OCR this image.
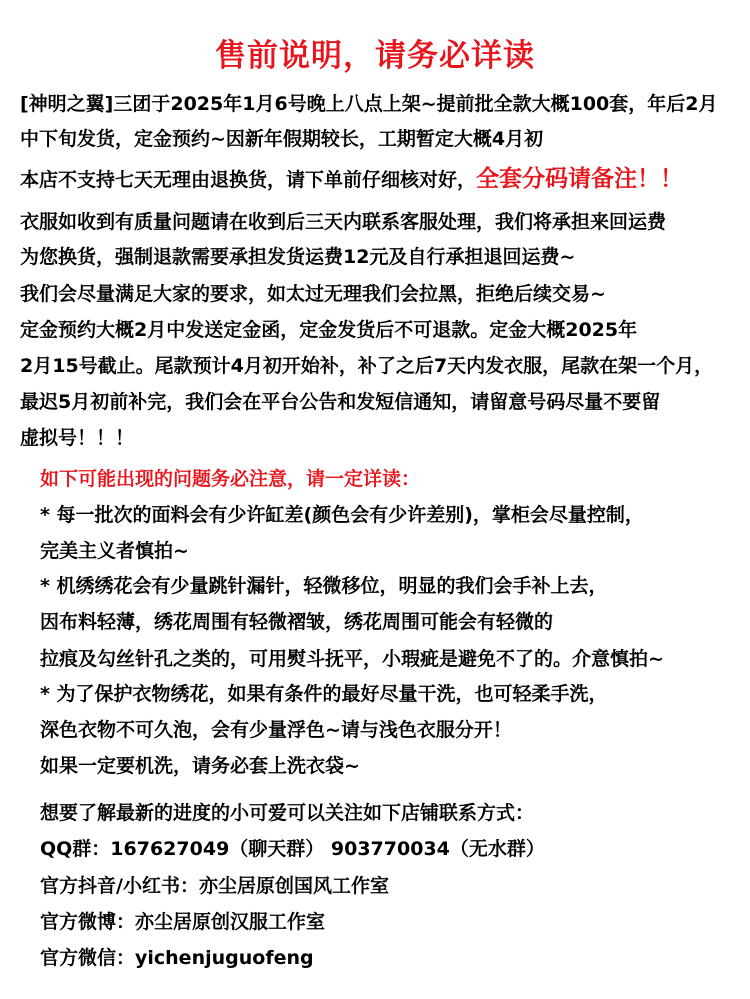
售前说明，请务必详读
[神明之翼]三团于2025年1月6号晚上八点上架~提前批全款大概100套，年后2月
中下旬发货，定金预约~因新年假期较长，工期暂定大概4月初
本店不支持七天无理由退换货，请下单前仔细核对好，全套分码请备注！！
衣服如收到有质量问题请在收到后三天内联系客服处理，我们将承担来回运费
为您换货，强制退款需要承担发货运费12元及自行承担退回运费~
我们会尽量满足大家的要求，如太过无理我们会拉黑，拒绝后续交易~
定金预约大概2月中发送定金函，定金发货后不可退款。定金大概2025年
2月15号截止。尾款预计4月初开始补，补了之后7天内发衣服，尾款在架一个月，
最迟5月初前补完，我们会在平台公告和发短信通知，请留意号码尽量不要留
虚拟号！！！
如下可能出现的问题务必注意，请一定详读：
* 每一批次的面料会有少许缸差(颜色会有少许差别)，掌柜会尽量控制，
完美主义者慎拍~
* 机绣绣花会有少量跳针漏针，轻微移位，明显的我们会手补上去，
因布料轻薄，绣花周围有轻微褶皱，绣花周围可能会有轻微的
拉痕及勾丝针孔之类的，可用熨斗抚平，小瑕疵是避免不了的。介意慎拍~
* 为了保护衣物绣花，如果有条件的最好尽量干洗，也可轻柔手洗，
深色衣物不可久泡，会有少量浮色~请与浅色衣服分开！
如果一定要机洗，请务必套上洗衣袋~
想要了解最新的进度的小可爱可以关注如下店铺联系方式：
QQ群：167627049（聊天群） 903770034（无水群）
官方抖音/小红书：亦尘居原创国风工作室
官方微博：亦尘居原创汉服工作室
官方微信：yichenjuguofeng
